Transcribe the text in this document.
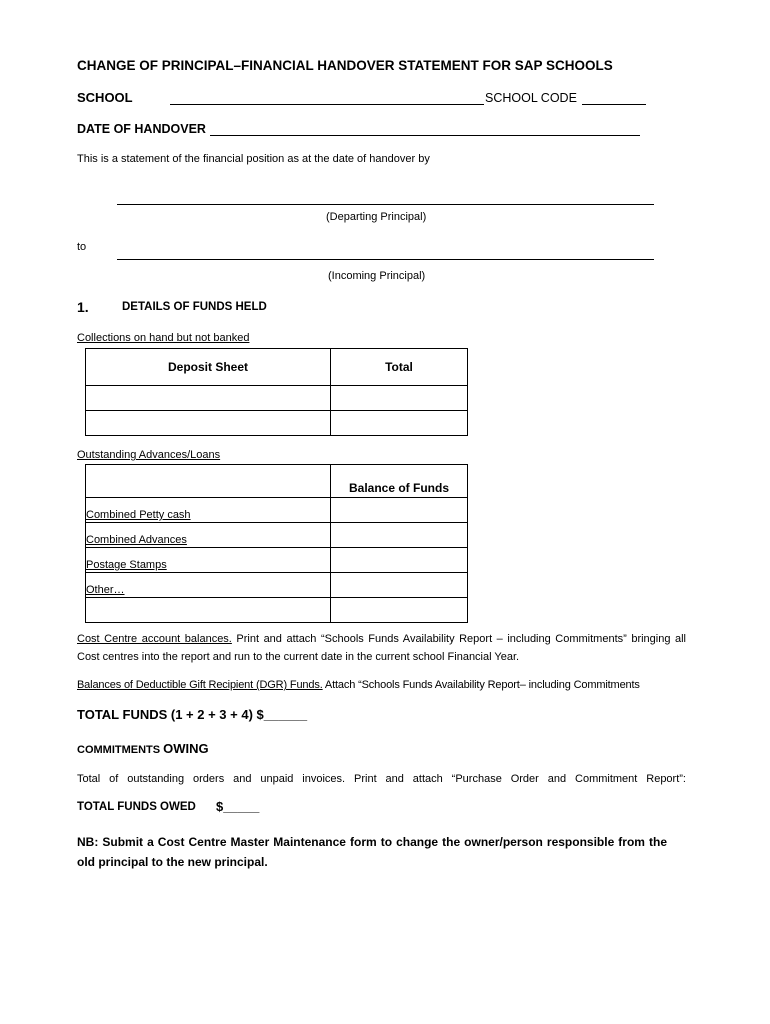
CHANGE OF PRINCIPAL–FINANCIAL HANDOVER STATEMENT FOR SAP SCHOOLS
SCHOOL	SCHOOL CODE
DATE OF HANDOVER
This is a statement of the financial position as at the date of handover by
(Departing Principal)
to
(Incoming Principal)
1.	DETAILS OF FUNDS HELD
Collections on hand but not banked
Deposit Sheet	Total

Outstanding Advances/Loans
	Balance of Funds

Combined Petty cash	

Combined Advances	

Postage Stamps	

Other…	

Cost Centre account balances. Print and attach “Schools Funds Availability Report – including Commitments” bringing all Cost centres into the report and run to the current date in the current school Financial Year.
Balances of Deductible Gift Recipient (DGR) Funds. Attach “Schools Funds Availability Report– including Commitments
TOTAL FUNDS (1 + 2 + 3 + 4) $______
COMMITMENTS OWING
Total of outstanding orders and unpaid invoices. Print and attach “Purchase Order and Commitment Report”:
TOTAL FUNDS OWED $_____
NB: Submit a Cost Centre Master Maintenance form to change the owner/person responsible from the old principal to the new principal.
